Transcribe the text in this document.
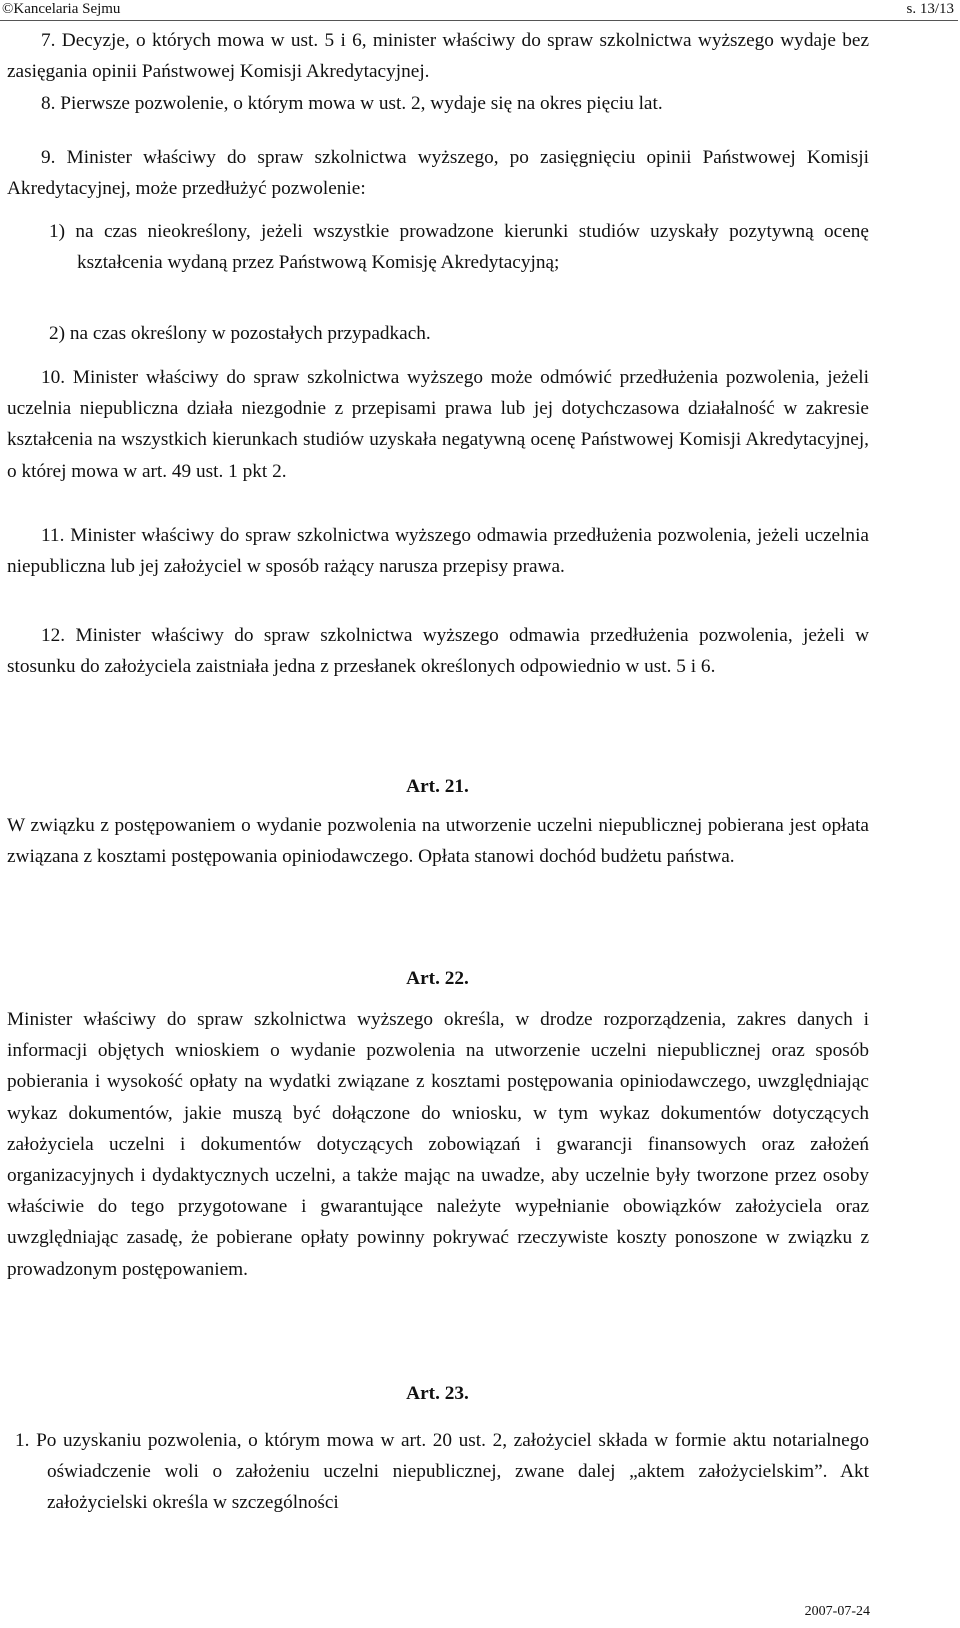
©Kancelaria Sejmu	s. 13/13

7. Decyzje, o których mowa w ust. 5 i 6, minister właściwy do spraw szkolnictwa wyższego wydaje bez zasięgania opinii Państwowej Komisji Akredytacyjnej.

8. Pierwsze pozwolenie, o którym mowa w ust. 2, wydaje się na okres pięciu lat.

9. Minister właściwy do spraw szkolnictwa wyższego, po zasięgnięciu opinii Państwowej Komisji Akredytacyjnej, może przedłużyć pozwolenie:

1) na czas nieokreślony, jeżeli wszystkie prowadzone kierunki studiów uzyskały pozytywną ocenę kształcenia wydaną przez Państwową Komisję Akredytacyjną;

2) na czas określony w pozostałych przypadkach.

10. Minister właściwy do spraw szkolnictwa wyższego może odmówić przedłużenia pozwolenia, jeżeli uczelnia niepubliczna działa niezgodnie z przepisami prawa lub jej dotychczasowa działalność w zakresie kształcenia na wszystkich kierunkach studiów uzyskała negatywną ocenę Państwowej Komisji Akredytacyjnej, o której mowa w art. 49 ust. 1 pkt 2.

11. Minister właściwy do spraw szkolnictwa wyższego odmawia przedłużenia pozwolenia, jeżeli uczelnia niepubliczna lub jej założyciel w sposób rażący narusza przepisy prawa.

12. Minister właściwy do spraw szkolnictwa wyższego odmawia przedłużenia pozwolenia, jeżeli w stosunku do założyciela zaistniała jedna z przesłanek określonych odpowiednio w ust. 5 i 6.

Art. 21.

W związku z postępowaniem o wydanie pozwolenia na utworzenie uczelni niepublicznej pobierana jest opłata związana z kosztami postępowania opiniodawczego. Opłata stanowi dochód budżetu państwa.

Art. 22.

Minister właściwy do spraw szkolnictwa wyższego określa, w drodze rozporządzenia, zakres danych i informacji objętych wnioskiem o wydanie pozwolenia na utworzenie uczelni niepublicznej oraz sposób pobierania i wysokość opłaty na wydatki związane z kosztami postępowania opiniodawczego, uwzględniając wykaz dokumentów, jakie muszą być dołączone do wniosku, w tym wykaz dokumentów dotyczących założyciela uczelni i dokumentów dotyczących zobowiązań i gwarancji finansowych oraz założeń organizacyjnych i dydaktycznych uczelni, a także mając na uwadze, aby uczelnie były tworzone przez osoby właściwie do tego przygotowane i gwarantujące należyte wypełnianie obowiązków założyciela oraz uwzględniając zasadę, że pobierane opłaty powinny pokrywać rzeczywiste koszty ponoszone w związku z prowadzonym postępowaniem.

Art. 23.

1. Po uzyskaniu pozwolenia, o którym mowa w art. 20 ust. 2, założyciel składa w formie aktu notarialnego oświadczenie woli o założeniu uczelni niepublicznej, zwane dalej „aktem założycielskim”. Akt założycielski określa w szczególności

2007-07-24
